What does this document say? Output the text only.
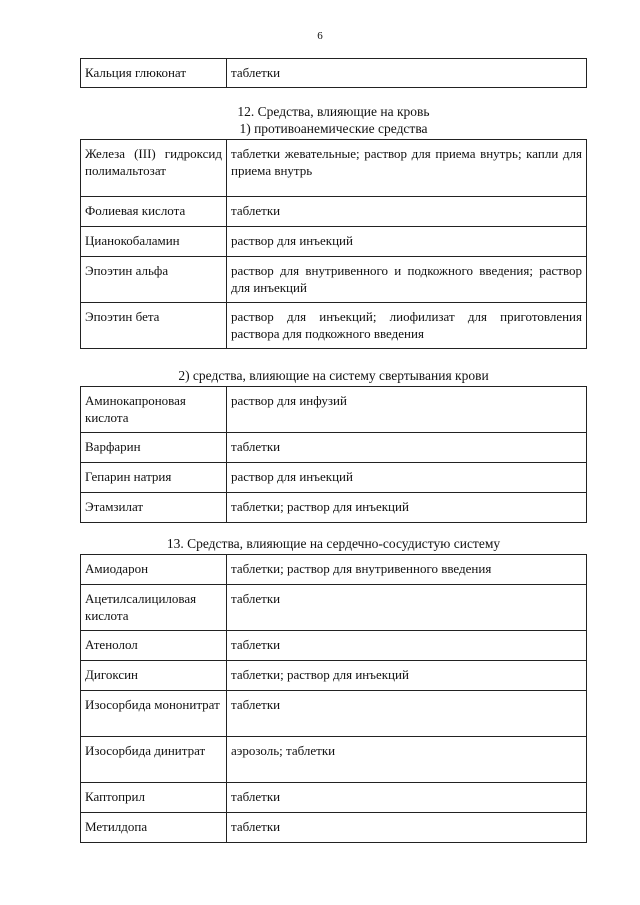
6
Кальция глюконат	таблетки
12. Средства, влияющие на кровь
1) противоанемические средства
Железа (III) гидроксид полимальтозат	таблетки жевательные; раствор для приема внутрь; капли для приема внутрь
Фолиевая кислота	таблетки
Цианокобаламин	раствор для инъекций
Эпоэтин альфа	раствор для внутривенного и подкожного введения; раствор для инъекций
Эпоэтин бета	раствор для инъекций; лиофилизат для приготовления раствора для подкожного введения
2) средства, влияющие на систему свертывания крови
Аминокапроновая кислота	раствор для инфузий
Варфарин	таблетки
Гепарин натрия	раствор для инъекций
Этамзилат	таблетки; раствор для инъекций
13. Средства, влияющие на сердечно-сосудистую систему
Амиодарон	таблетки; раствор для внутривенного введения
Ацетилсалициловая кислота	таблетки
Атенолол	таблетки
Дигоксин	таблетки; раствор для инъекций
Изосорбида мононитрат	таблетки
Изосорбида динитрат	аэрозоль; таблетки
Каптоприл	таблетки
Метилдопа	таблетки
